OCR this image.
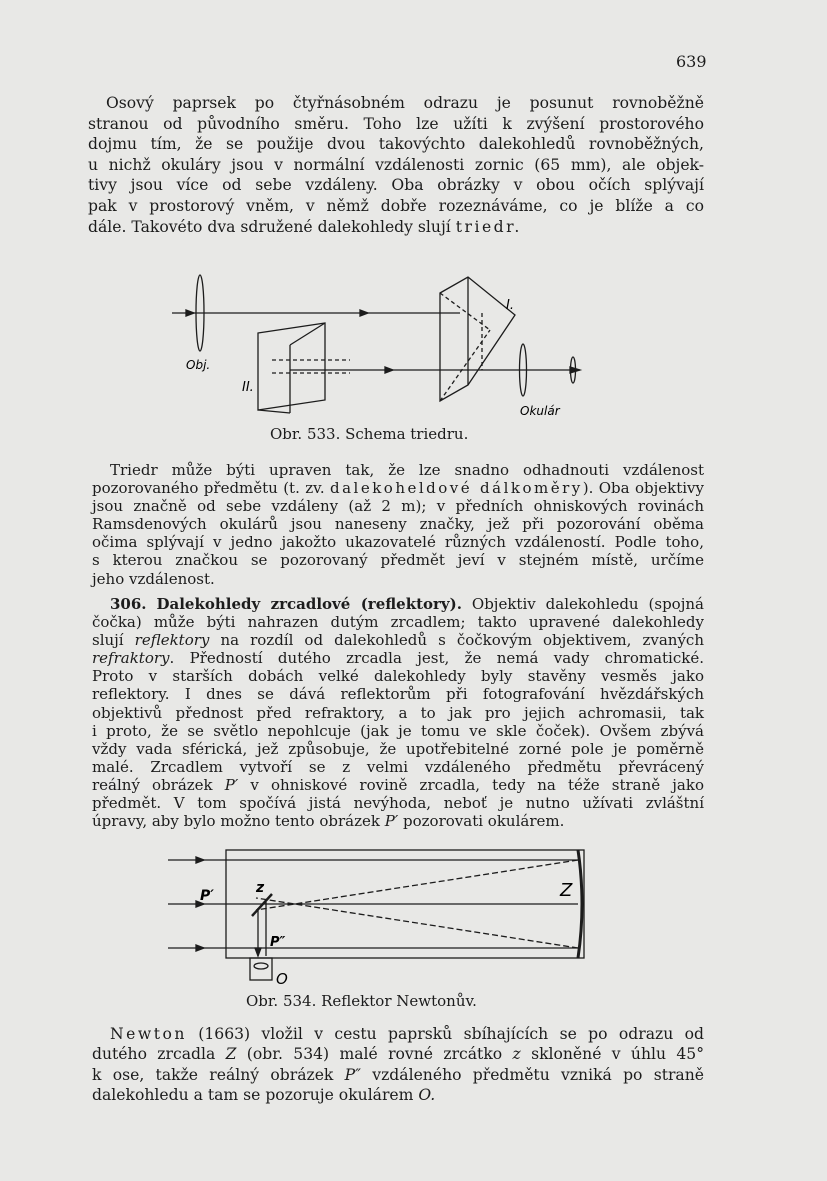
639
Osový paprsek po čtyřnásobném odrazu je posunut rovnoběžně
stranou od původního směru. Toho lze užíti k zvýšení prostorového
dojmu tím, že se použije dvou takovýchto dalekohledů rovnoběžných,
u nichž okuláry jsou v normální vzdálenosti zornic (65 mm), ale objek-
tivy jsou více od sebe vzdáleny. Oba obrázky v obou očích splývají
pak v prostorový vněm, v němž dobře rozeznáváme, co je blíže a co
dále. Takovéto dva sdružené dalekohledy slují triedr.
Obj.
I.
II.
Okulár
Obr. 533. Schema triedru.
Triedr může býti upraven tak, že lze snadno odhadnouti vzdálenost
pozorovaného předmětu (t. zv. dalekoheldové dálkoměry). Oba objektivy
jsou značně od sebe vzdáleny (až 2 m); v předních ohniskových rovinách
Ramsdenových okulárů jsou naneseny značky, jež při pozorování oběma
očima splývají v jedno jakožto ukazovatelé různých vzdáleností. Podle toho,
s kterou značkou se pozorovaný předmět jeví v stejném místě, určíme
jeho vzdálenost.
306. Dalekohledy zrcadlové (reflektory). Objektiv dalekohledu (spojná
čočka) může býti nahrazen dutým zrcadlem; takto upravené dalekohledy
slují reflektory na rozdíl od dalekohledů s čočkovým objektivem, zvaných
refraktory. Předností dutého zrcadla jest, že nemá vady chromatické.
Proto v starších dobách velké dalekohledy byly stavěny vesměs jako
reflektory. I dnes se dává reflektorům při fotografování hvězdářských
objektivů přednost před refraktory, a to jak pro jejich achromasii, tak
i proto, že se světlo nepohlcuje (jak je tomu ve skle čoček). Ovšem zbývá
vždy vada sférická, jež způsobuje, že upotřebitelné zorné pole je poměrně
malé. Zrcadlem vytvoří se z velmi vzdáleného předmětu převrácený
reálný obrázek P′ v ohniskové rovině zrcadla, tedy na téže straně jako
předmět. V tom spočívá jistá nevýhoda, neboť je nutno užívati zvláštní
úpravy, aby bylo možno tento obrázek P′ pozorovati okulárem.
P′	z	Z
P″
O
Obr. 534. Reflektor Newtonův.
Newton (1663) vložil v cestu paprsků sbíhajících se po odrazu od
dutého zrcadla Z (obr. 534) malé rovné zrcátko z skloněné v úhlu 45°
k ose, takže reálný obrázek P″ vzdáleného předmětu vzniká po straně
dalekohledu a tam se pozoruje okulárem O.
